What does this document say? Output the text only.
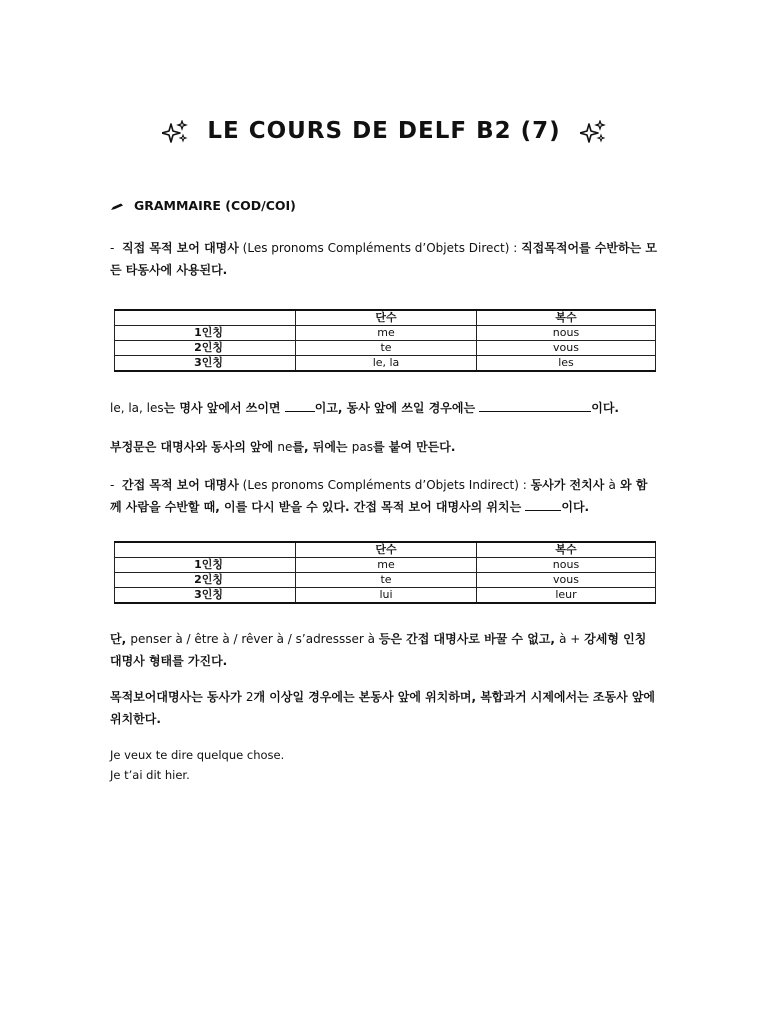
LE COURS DE DELF B2 (7)
GRAMMAIRE (COD/COI)
- 직접 목적 보어 대명사 (Les pronoms Compléments d’Objets Direct) : 직접목적어를 수반하는 모든 타동사에 사용된다.
	단수	복수
1인칭	me	nous
2인칭	te	vous
3인칭	le, la	les
le, la, les는 명사 앞에서 쓰이면	이고, 동사 앞에 쓰일 경우에는	이다.
부정문은 대명사와 동사의 앞에 ne를, 뒤에는 pas를 붙여 만든다.
- 간접 목적 보어 대명사 (Les pronoms Compléments d’Objets Indirect) : 동사가 전치사 à 와 함께 사람을 수반할 때, 이를 다시 받을 수 있다. 간접 목적 보어 대명사의 위치는	이다.
	단수	복수
1인칭	me	nous
2인칭	te	vous
3인칭	lui	leur
단, penser à / être à / rêver à / s’adressser à 등은 간접 대명사로 바꿀 수 없고, à + 강세형 인칭 대명사 형태를 가진다.
목적보어대명사는 동사가 2개 이상일 경우에는 본동사 앞에 위치하며, 복합과거 시제에서는 조동사 앞에 위치한다.
Je veux te dire quelque chose.
Je t’ai dit hier.
